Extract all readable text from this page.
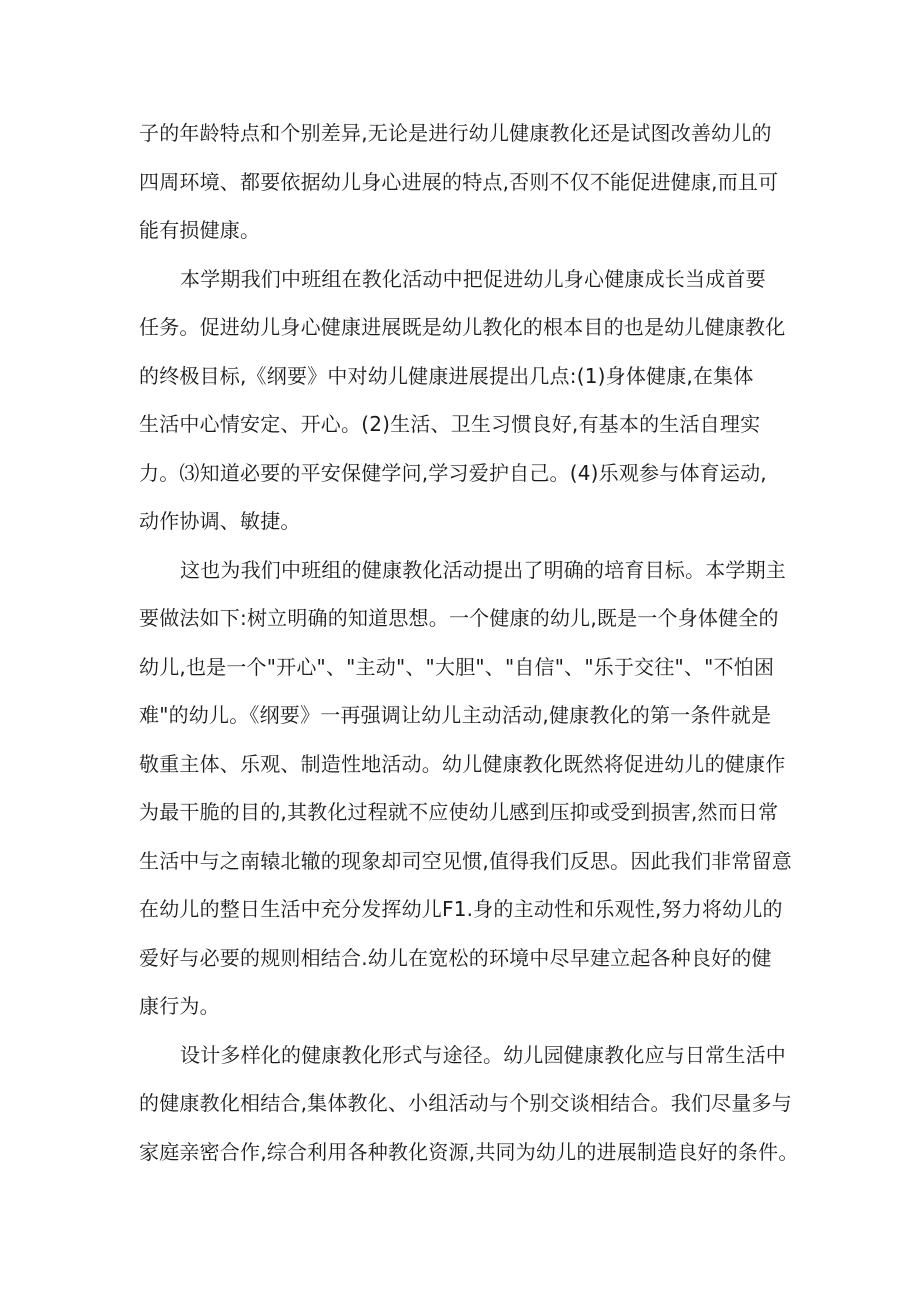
子的年龄特点和个别差异,无论是进行幼儿健康教化还是试图改善幼儿的
四周环境、都要依据幼儿身心进展的特点,否则不仅不能促进健康,而且可
能有损健康。
本学期我们中班组在教化活动中把促进幼儿身心健康成长当成首要
任务。促进幼儿身心健康进展既是幼儿教化的根本目的也是幼儿健康教化
的终极目标,《纲要》中对幼儿健康进展提出几点:(1)身体健康,在集体
生活中心情安定、开心。(2)生活、卫生习惯良好,有基本的生活自理实
力。⑶知道必要的平安保健学问,学习爱护自己。(4)乐观参与体育运动,
动作协调、敏捷。
这也为我们中班组的健康教化活动提出了明确的培育目标。本学期主
要做法如下:树立明确的知道思想。一个健康的幼儿,既是一个身体健全的
幼儿,也是一个"开心"、"主动"、"大胆"、"自信"、"乐于交往"、"不怕困
难"的幼儿。《纲要》一再强调让幼儿主动活动,健康教化的第一条件就是
敬重主体、乐观、制造性地活动。幼儿健康教化既然将促进幼儿的健康作
为最干脆的目的,其教化过程就不应使幼儿感到压抑或受到损害,然而日常
生活中与之南辕北辙的现象却司空见惯,值得我们反思。因此我们非常留意
在幼儿的整日生活中充分发挥幼儿F1.身的主动性和乐观性,努力将幼儿的
爱好与必要的规则相结合.幼儿在宽松的环境中尽早建立起各种良好的健
康行为。
设计多样化的健康教化形式与途径。幼儿园健康教化应与日常生活中
的健康教化相结合,集体教化、小组活动与个别交谈相结合。我们尽量多与
家庭亲密合作,综合利用各种教化资源,共同为幼儿的进展制造良好的条件。
